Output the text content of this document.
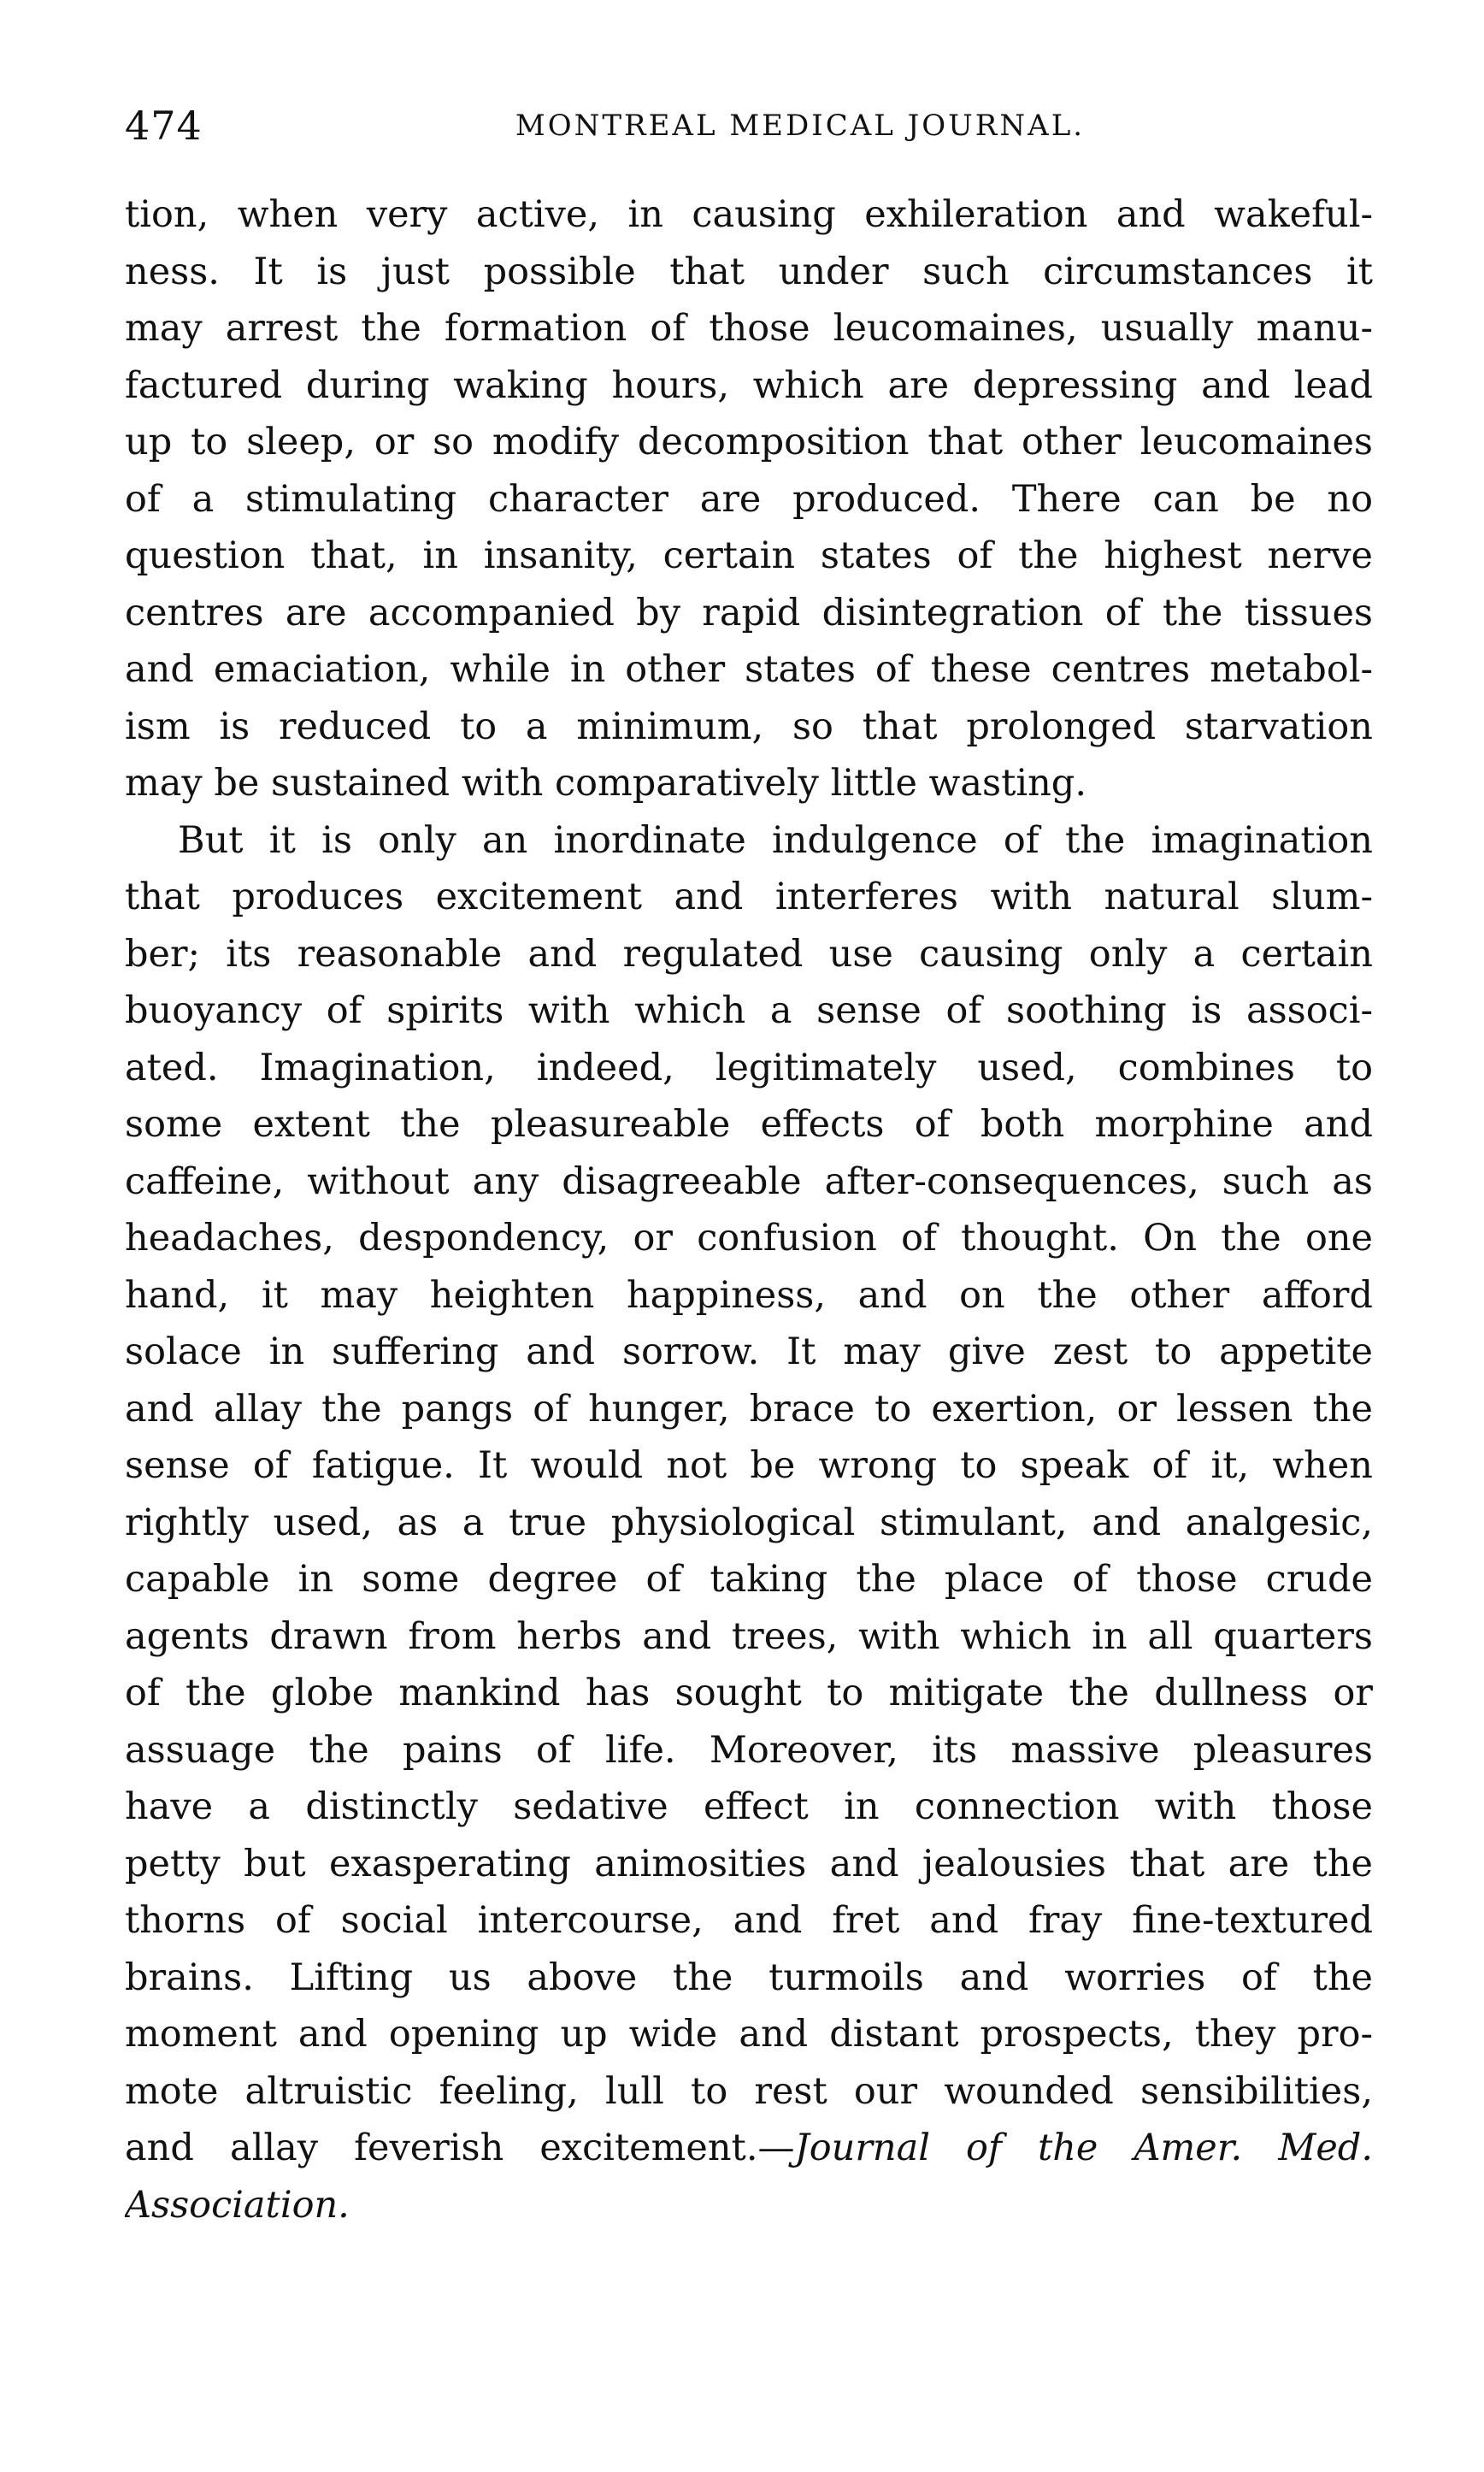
474	MONTREAL MEDICAL JOURNAL.
tion, when very active, in causing exhileration and wakeful-
ness. It is just possible that under such circumstances it
may arrest the formation of those leucomaines, usually manu-
factured during waking hours, which are depressing and lead
up to sleep, or so modify decomposition that other leucomaines
of a stimulating character are produced. There can be no
question that, in insanity, certain states of the highest nerve
centres are accompanied by rapid disintegration of the tissues
and emaciation, while in other states of these centres metabol-
ism is reduced to a minimum, so that prolonged starvation
may be sustained with comparatively little wasting.
But it is only an inordinate indulgence of the imagination
that produces excitement and interferes with natural slum-
ber; its reasonable and regulated use causing only a certain
buoyancy of spirits with which a sense of soothing is associ-
ated. Imagination, indeed, legitimately used, combines to
some extent the pleasureable effects of both morphine and
caffeine, without any disagreeable after-consequences, such as
headaches, despondency, or confusion of thought. On the one
hand, it may heighten happiness, and on the other afford
solace in suffering and sorrow. It may give zest to appetite
and allay the pangs of hunger, brace to exertion, or lessen the
sense of fatigue. It would not be wrong to speak of it, when
rightly used, as a true physiological stimulant, and analgesic,
capable in some degree of taking the place of those crude
agents drawn from herbs and trees, with which in all quarters
of the globe mankind has sought to mitigate the dullness or
assuage the pains of life. Moreover, its massive pleasures
have a distinctly sedative effect in connection with those
petty but exasperating animosities and jealousies that are the
thorns of social intercourse, and fret and fray fine-textured
brains. Lifting us above the turmoils and worries of the
moment and opening up wide and distant prospects, they pro-
mote altruistic feeling, lull to rest our wounded sensibilities,
and allay feverish excitement.—Journal of the Amer. Med.
Association.
